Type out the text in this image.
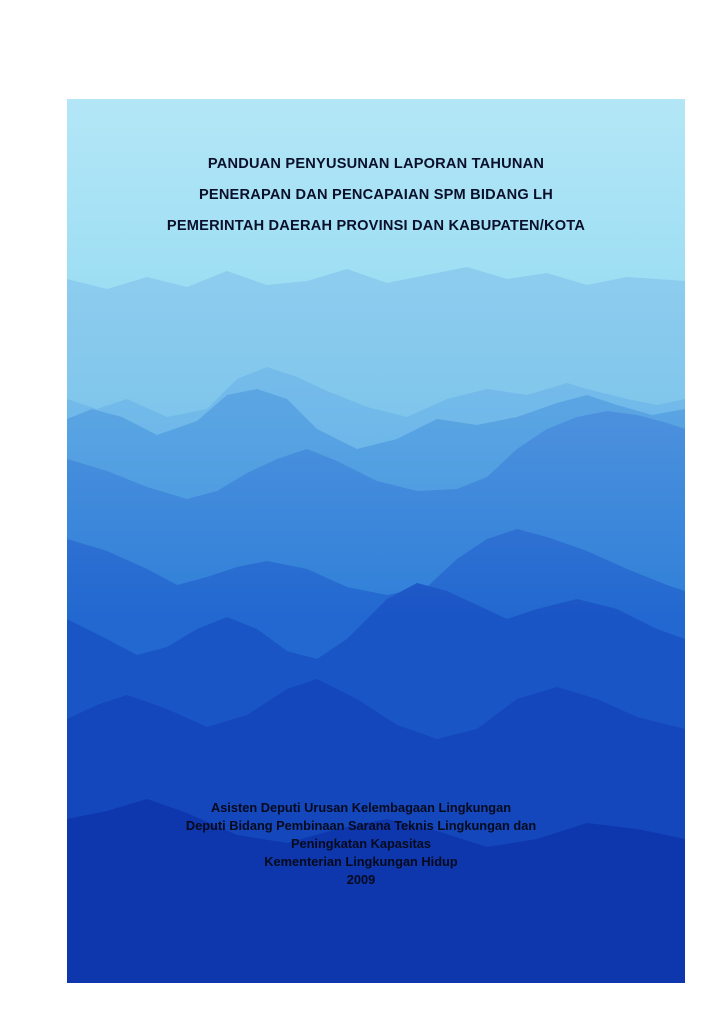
PANDUAN PENYUSUNAN LAPORAN TAHUNAN
PENERAPAN DAN PENCAPAIAN SPM BIDANG LH
PEMERINTAH DAERAH PROVINSI DAN KABUPATEN/KOTA
Asisten Deputi Urusan Kelembagaan Lingkungan
Deputi Bidang Pembinaan Sarana Teknis Lingkungan dan
Peningkatan Kapasitas
Kementerian Lingkungan Hidup
2009
